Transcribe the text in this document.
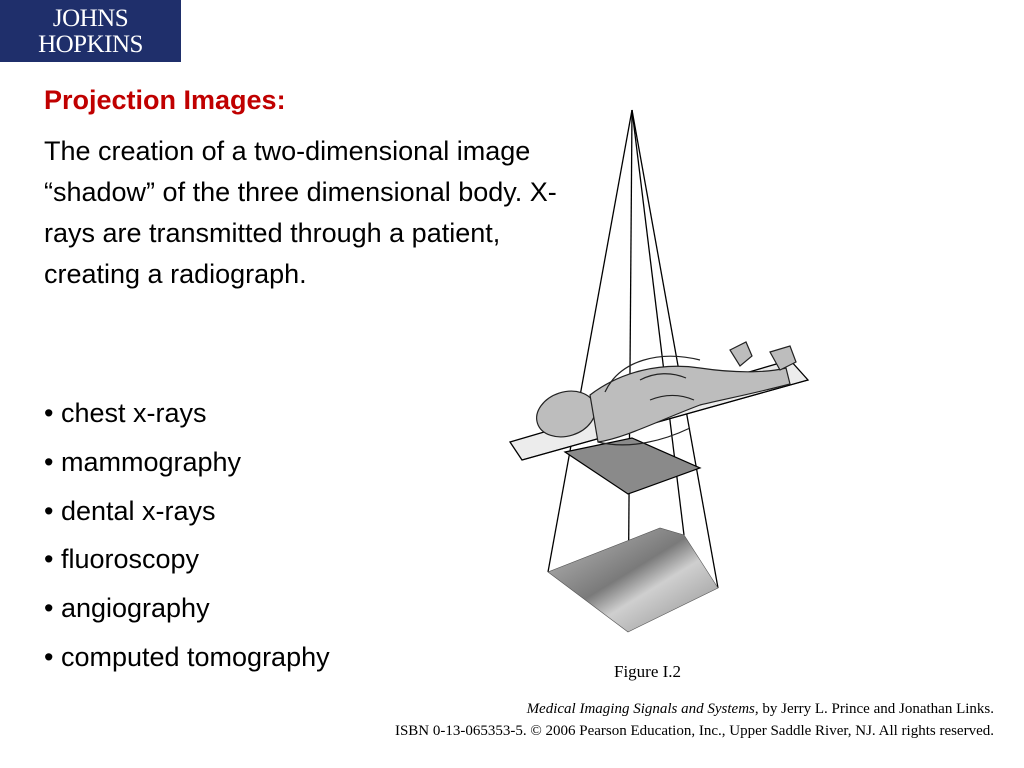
JOHNS HOPKINS
UNIVERSITY
Projection Images:

The creation of a two-dimensional image “shadow” of the three dimensional body. X-rays are transmitted through a patient, creating a radiograph.

• chest x-rays
• mammography
• dental x-rays
• fluoroscopy
• angiography
• computed tomography	Figure I.2
Medical Imaging Signals and Systems, by Jerry L. Prince and Jonathan Links.
ISBN 0-13-065353-5. © 2006 Pearson Education, Inc., Upper Saddle River, NJ. All rights reserved.
